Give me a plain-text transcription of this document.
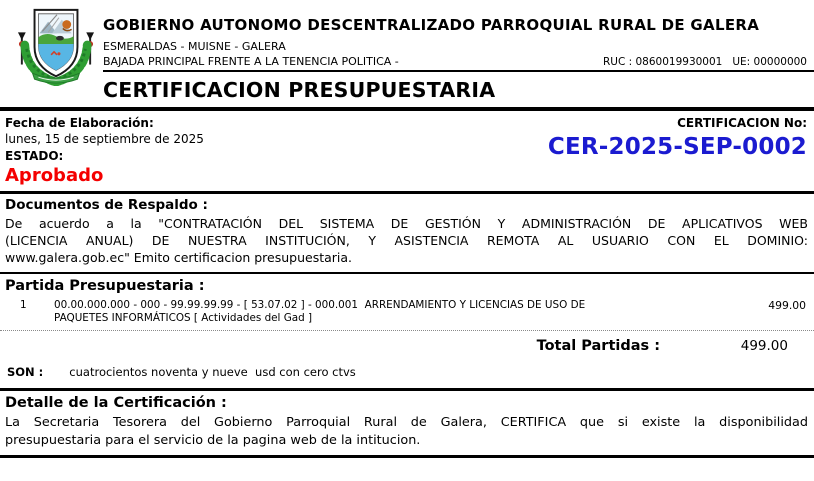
GOBIERNO AUTONOMO DESCENTRALIZADO PARROQUIAL RURAL DE GALERA
ESMERALDAS - MUISNE - GALERA
BAJADA PRINCIPAL FRENTE A LA TENENCIA POLITICA -	RUC : 0860019930001   UE: 00000000
CERTIFICACION PRESUPUESTARIA
Fecha de Elaboración:
lunes, 15 de septiembre de 2025
ESTADO:
Aprobado
CERTIFICACION No:
CER-2025-SEP-0002
Documentos de Respaldo :
De acuerdo a la "CONTRATACIÓN DEL SISTEMA DE GESTIÓN Y ADMINISTRACIÓN DE APLICATIVOS WEB
(LICENCIA ANUAL) DE NUESTRA INSTITUCIÓN, Y ASISTENCIA REMOTA AL USUARIO CON EL DOMINIO:
www.galera.gob.ec" Emito certificacion presupuestaria.
Partida Presupuestaria :
1	00.00.000.000 - 000 - 99.99.99.99 - [ 53.07.02 ] - 000.001  ARRENDAMIENTO Y LICENCIAS DE USO DE
PAQUETES INFORMÁTICOS [ Actividades del Gad ]
499.00
Total Partidas :	499.00
SON : cuatrocientos noventa y nueve  usd con cero ctvs
Detalle de la Certificación :
La Secretaria Tesorera del Gobierno Parroquial Rural de Galera, CERTIFICA que si existe la disponibilidad
presupuestaria para el servicio de la pagina web de la intitucion.
